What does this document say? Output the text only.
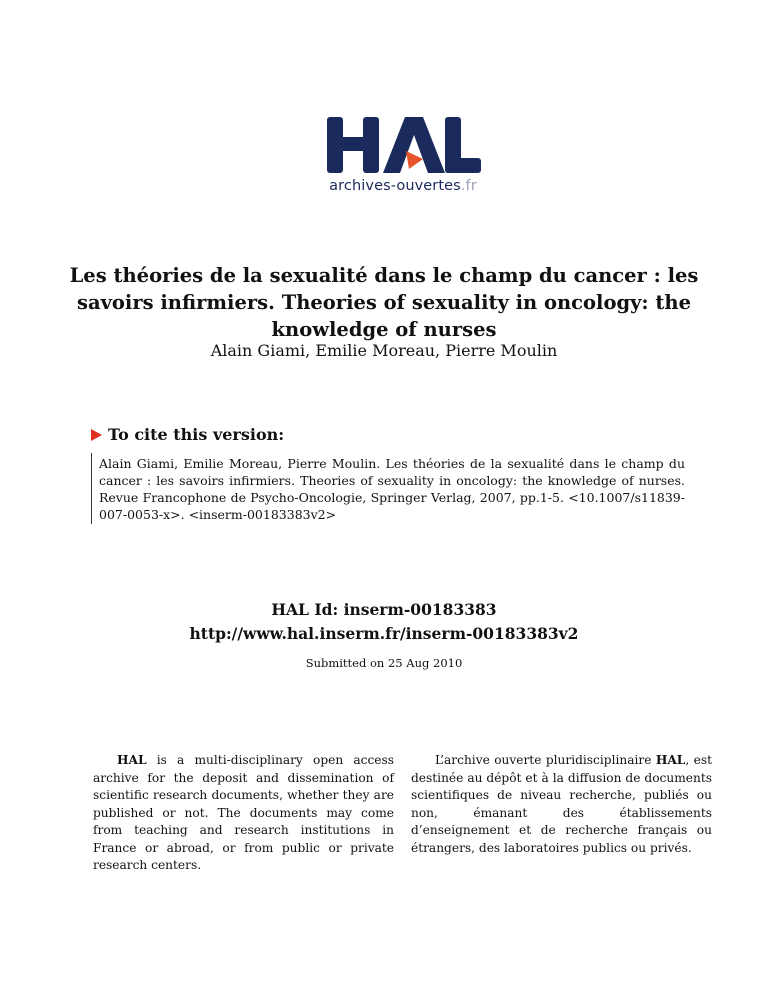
archives-ouvertes.fr
Les théories de la sexualité dans le champ du cancer : les savoirs infirmiers. Theories of sexuality in oncology: the knowledge of nurses
Alain Giami, Emilie Moreau, Pierre Moulin
To cite this version:
Alain Giami, Emilie Moreau, Pierre Moulin. Les théories de la sexualité dans le champ du cancer : les savoirs infirmiers. Theories of sexuality in oncology: the knowledge of nurses. Revue Francophone de Psycho-Oncologie, Springer Verlag, 2007, pp.1-5. <10.1007/s11839-007-0053-x>. <inserm-00183383v2>
HAL Id: inserm-00183383
http://www.hal.inserm.fr/inserm-00183383v2
Submitted on 25 Aug 2010

HAL is a multi-disciplinary open access archive for the deposit and dissemination of scientific research documents, whether they are published or not. The documents may come from teaching and research institutions in France or abroad, or from public or private research centers.

L’archive ouverte pluridisciplinaire HAL, est destinée au dépôt et à la diffusion de documents scientifiques de niveau recherche, publiés ou non, émanant des établissements d’enseignement et de recherche français ou étrangers, des laboratoires publics ou privés.
